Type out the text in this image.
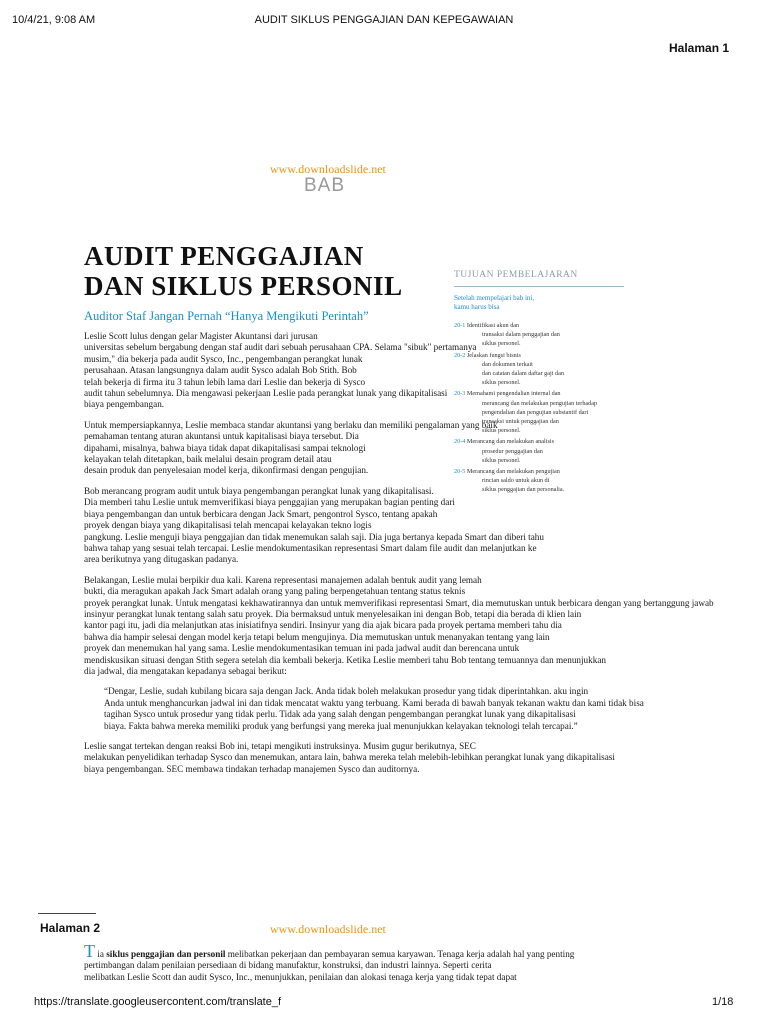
10/4/21, 9:08 AM	AUDIT SIKLUS PENGGAJIAN DAN KEPEGAWAIAN
Halaman 1
www.downloadslide.net
BAB
AUDIT PENGGAJIAN
DAN SIKLUS PERSONIL
Auditor Staf Jangan Pernah “Hanya Mengikuti Perintah”
TUJUAN PEMBELAJARAN
Setelah mempelajari bab ini,
kamu harus bisa
20-1 Identifikasi akun dan
transaksi dalam penggajian dan
siklus personel.
20-2 Jelaskan fungsi bisnis
dan dokumen terkait
dan catatan dalam daftar gaji dan
siklus personel.
20-3 Memahami pengendalian internal dan
merancang dan melakukan pengujian terhadap
pengendalian dan pengujian substantif dari
transaksi untuk penggajian dan
siklus personel.
20-4 Merancang dan melakukan analisis
prosedur penggajian dan
siklus personel.
20-5 Merancang dan melakukan pengujian
rincian saldo untuk akun di
siklus penggajian dan personalia.
Leslie Scott lulus dengan gelar Magister Akuntansi dari jurusan
universitas sebelum bergabung dengan staf audit dari sebuah perusahaan CPA. Selama "sibuk" pertamanya
musim," dia bekerja pada audit Sysco, Inc., pengembangan perangkat lunak
perusahaan. Atasan langsungnya dalam audit Sysco adalah Bob Stith. Bob
telah bekerja di firma itu 3 tahun lebih lama dari Leslie dan bekerja di Sysco
audit tahun sebelumnya. Dia mengawasi pekerjaan Leslie pada perangkat lunak yang dikapitalisasi
biaya pengembangan.
Untuk mempersiapkannya, Leslie membaca standar akuntansi yang berlaku dan memiliki pengalaman yang baik
pemahaman tentang aturan akuntansi untuk kapitalisasi biaya tersebut. Dia
dipahami, misalnya, bahwa biaya tidak dapat dikapitalisasi sampai teknologi
kelayakan telah ditetapkan, baik melalui desain program detail atau
desain produk dan penyelesaian model kerja, dikonfirmasi dengan pengujian.
Bob merancang program audit untuk biaya pengembangan perangkat lunak yang dikapitalisasi.
Dia memberi tahu Leslie untuk memverifikasi biaya penggajian yang merupakan bagian penting dari
biaya pengembangan dan untuk berbicara dengan Jack Smart, pengontrol Sysco, tentang apakah
proyek dengan biaya yang dikapitalisasi telah mencapai kelayakan tekno logis
pangkung. Leslie menguji biaya penggajian dan tidak menemukan salah saji. Dia juga bertanya kepada Smart dan diberi tahu
bahwa tahap yang sesuai telah tercapai. Leslie mendokumentasikan representasi Smart dalam file audit dan melanjutkan ke
area berikutnya yang ditugaskan padanya.
Belakangan, Leslie mulai berpikir dua kali. Karena representasi manajemen adalah bentuk audit yang lemah
bukti, dia meragukan apakah Jack Smart adalah orang yang paling berpengetahuan tentang status teknis
proyek perangkat lunak. Untuk mengatasi kekhawatirannya dan untuk memverifikasi representasi Smart, dia memutuskan untuk berbicara dengan yang bertanggung jawab
insinyur perangkat lunak tentang salah satu proyek. Dia bermaksud untuk menyelesaikan ini dengan Bob, tetapi dia berada di klien lain
kantor pagi itu, jadi dia melanjutkan atas inisiatifnya sendiri. Insinyur yang dia ajak bicara pada proyek pertama memberi tahu dia
bahwa dia hampir selesai dengan model kerja tetapi belum mengujinya. Dia memutuskan untuk menanyakan tentang yang lain
proyek dan menemukan hal yang sama. Leslie mendokumentasikan temuan ini pada jadwal audit dan berencana untuk
mendiskusikan situasi dengan Stith segera setelah dia kembali bekerja. Ketika Leslie memberi tahu Bob tentang temuannya dan menunjukkan
dia jadwal, dia mengatakan kepadanya sebagai berikut:
“Dengar, Leslie, sudah kubilang bicara saja dengan Jack. Anda tidak boleh melakukan prosedur yang tidak diperintahkan. aku ingin
Anda untuk menghancurkan jadwal ini dan tidak mencatat waktu yang terbuang. Kami berada di bawah banyak tekanan waktu dan kami tidak bisa
tagihan Sysco untuk prosedur yang tidak perlu. Tidak ada yang salah dengan pengembangan perangkat lunak yang dikapitalisasi
biaya. Fakta bahwa mereka memiliki produk yang berfungsi yang mereka jual menunjukkan kelayakan teknologi telah tercapai.”
Leslie sangat tertekan dengan reaksi Bob ini, tetapi mengikuti instruksinya. Musim gugur berikutnya, SEC
melakukan penyelidikan terhadap Sysco dan menemukan, antara lain, bahwa mereka telah melebih-lebihkan perangkat lunak yang dikapitalisasi
biaya pengembangan. SEC membawa tindakan terhadap manajemen Sysco dan auditornya.
Halaman 2	www.downloadslide.net
T ia siklus penggajian dan personil melibatkan pekerjaan dan pembayaran semua karyawan. Tenaga kerja adalah hal yang penting
pertimbangan dalam penilaian persediaan di bidang manufaktur, konstruksi, dan industri lainnya. Seperti cerita
melibatkan Leslie Scott dan audit Sysco, Inc., menunjukkan, penilaian dan alokasi tenaga kerja yang tidak tepat dapat
https://translate.googleusercontent.com/translate_f	1/18
